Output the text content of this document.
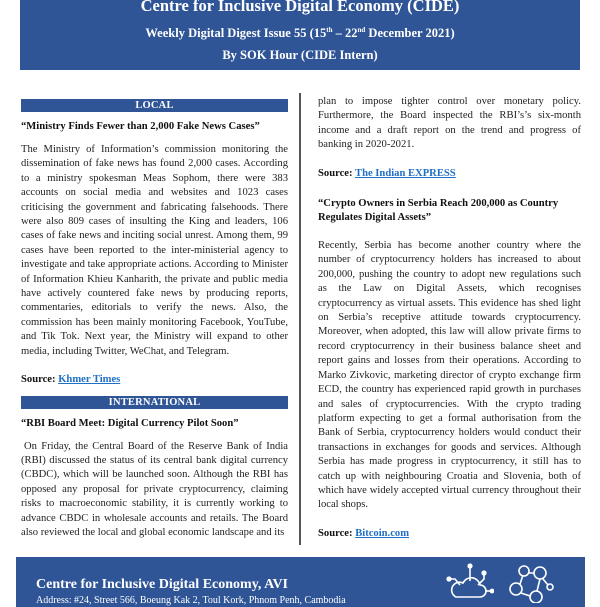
Centre for Inclusive Digital Economy (CIDE)
Weekly Digital Digest Issue 55 (15th – 22nd December 2021)
By SOK Hour (CIDE Intern)
LOCAL
“Ministry Finds Fewer than 2,000 Fake News Cases”

The Ministry of Information’s commission monitoring the dissemination of fake news has found 2,000 cases. According to a ministry spokesman Meas Sophom, there were 383 accounts on social media and websites and 1023 cases criticising the government and fabricating falsehoods. There were also 809 cases of insulting the King and leaders, 106 cases of fake news and inciting social unrest. Among them, 99 cases have been reported to the inter-ministerial agency to investigate and take appropriate actions. According to Minister of Information Khieu Kanharith, the private and public media have actively countered fake news by producing reports, commentaries, editorials to verify the news. Also, the commission has been mainly monitoring Facebook, YouTube, and Tik Tok. Next year, the Ministry will expand to other media, including Twitter, WeChat, and Telegram.

Source: Khmer Times

INTERNATIONAL
“RBI Board Meet: Digital Currency Pilot Soon”

On Friday, the Central Board of the Reserve Bank of India (RBI) discussed the status of its central bank digital currency (CBDC), which will be launched soon. Although the RBI has opposed any proposal for private cryptocurrency, claiming risks to macroeconomic stability, it is currently working to advance CBDC in wholesale accounts and retails. The Board also reviewed the local and global economic landscape and its

plan to impose tighter control over monetary policy. Furthermore, the Board inspected the RBI’s’s six-month income and a draft report on the trend and progress of banking in 2020-2021.

Source: The Indian EXPRESS

“Crypto Owners in Serbia Reach 200,000 as Country Regulates Digital Assets”

Recently, Serbia has become another country where the number of cryptocurrency holders has increased to about 200,000, pushing the country to adopt new regulations such as the Law on Digital Assets, which recognises cryptocurrency as virtual assets. This evidence has shed light on Serbia’s receptive attitude towards cryptocurrency. Moreover, when adopted, this law will allow private firms to record cryptocurrency in their business balance sheet and report gains and losses from their operations. According to Marko Zivkovic, marketing director of crypto exchange firm ECD, the country has experienced rapid growth in purchases and sales of cryptocurrencies. With the crypto trading platform expecting to get a formal authorisation from the Bank of Serbia, cryptocurrency holders would conduct their transactions in exchanges for goods and services. Although Serbia has made progress in cryptocurrency, it still has to catch up with neighbouring Croatia and Slovenia, both of which have widely accepted virtual currency throughout their local shops.

Source: Bitcoin.com

Centre for Inclusive Digital Economy, AVI
Address: #24, Street 566, Boeung Kak 2, Toul Kork, Phnom Penh, Cambodia
